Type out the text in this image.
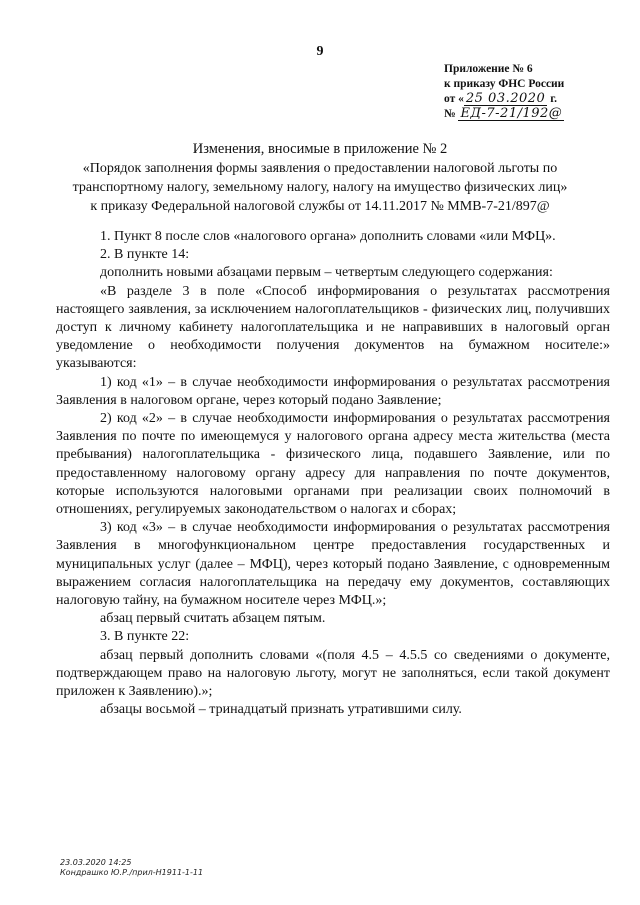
9
Приложение № 6
к приказу ФНС России
от « 25 03.2020 г.
№ ЕД-7-21/192@
Изменения, вносимые в приложение № 2
«Порядок заполнения формы заявления о предоставлении налоговой льготы по
транспортному налогу, земельному налогу, налогу на имущество физических лиц»
к приказу Федеральной налоговой службы от 14.11.2017 № ММВ-7-21/897@

1. Пункт 8 после слов «налогового органа» дополнить словами «или МФЦ».

2. В пункте 14:

дополнить новыми абзацами первым – четвертым следующего содержания:

«В разделе 3 в поле «Способ информирования о результатах рассмотрения настоящего заявления, за исключением налогоплательщиков - физических лиц, получивших доступ к личному кабинету налогоплательщика и не направивших в налоговый орган уведомление о необходимости получения документов на бумажном носителе:» указываются:

1) код «1» – в случае необходимости информирования о результатах рассмотрения Заявления в налоговом органе, через который подано Заявление;

2) код «2» – в случае необходимости информирования о результатах рассмотрения Заявления по почте по имеющемуся у налогового органа адресу места жительства (места пребывания) налогоплательщика - физического лица, подавшего Заявление, или по предоставленному налоговому органу адресу для направления по почте документов, которые используются налоговыми органами при реализации своих полномочий в отношениях, регулируемых законодательством о налогах и сборах;

3) код «3» – в случае необходимости информирования о результатах рассмотрения Заявления в многофункциональном центре предоставления государственных и муниципальных услуг (далее – МФЦ), через который подано Заявление, с одновременным выражением согласия налогоплательщика на передачу ему документов, составляющих налоговую тайну, на бумажном носителе через МФЦ.»;

абзац первый считать абзацем пятым.

3. В пункте 22:

абзац первый дополнить словами «(поля 4.5 – 4.5.5 со сведениями о документе, подтверждающем право на налоговую льготу, могут не заполняться, если такой документ приложен к Заявлению).»;

абзацы восьмой – тринадцатый признать утратившими силу.

23.03.2020 14:25
Кондрашко Ю.Р./прил-Н1911-1-11
